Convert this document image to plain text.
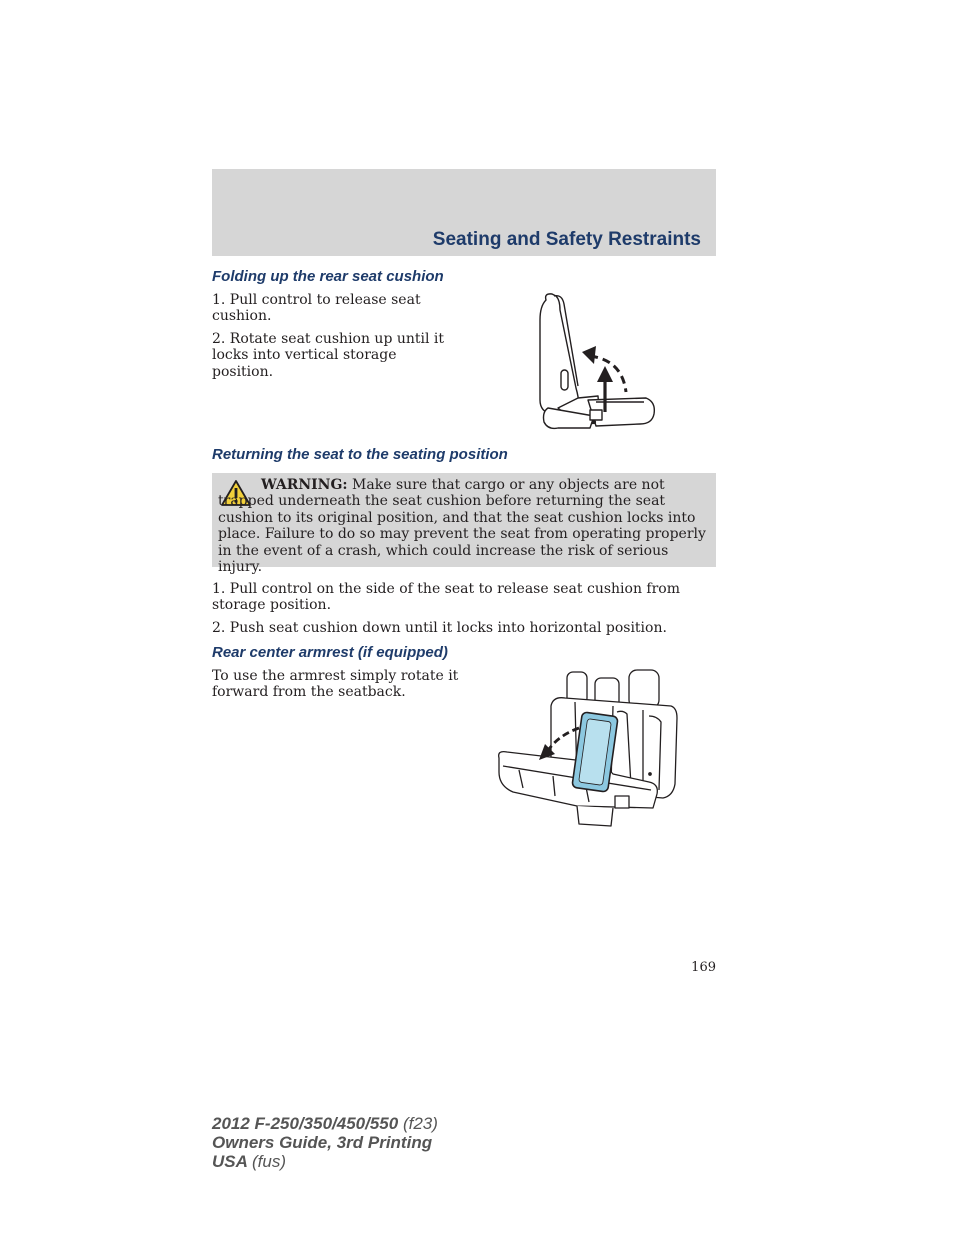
Seating and Safety Restraints
Folding up the rear seat cushion

1. Pull control to release seat cushion.

2. Rotate seat cushion up until it locks into vertical storage position.

Returning the seat to the seating position

WARNING: Make sure that cargo or any objects are not trapped underneath the seat cushion before returning the seat cushion to its original position, and that the seat cushion locks into place. Failure to do so may prevent the seat from operating properly in the event of a crash, which could increase the risk of serious injury.

1. Pull control on the side of the seat to release seat cushion from storage position.

2. Push seat cushion down until it locks into horizontal position.

Rear center armrest (if equipped)

To use the armrest simply rotate it forward from the seatback.

169
2012 F-250/350/450/550 (f23)
Owners Guide, 3rd Printing
USA (fus)
